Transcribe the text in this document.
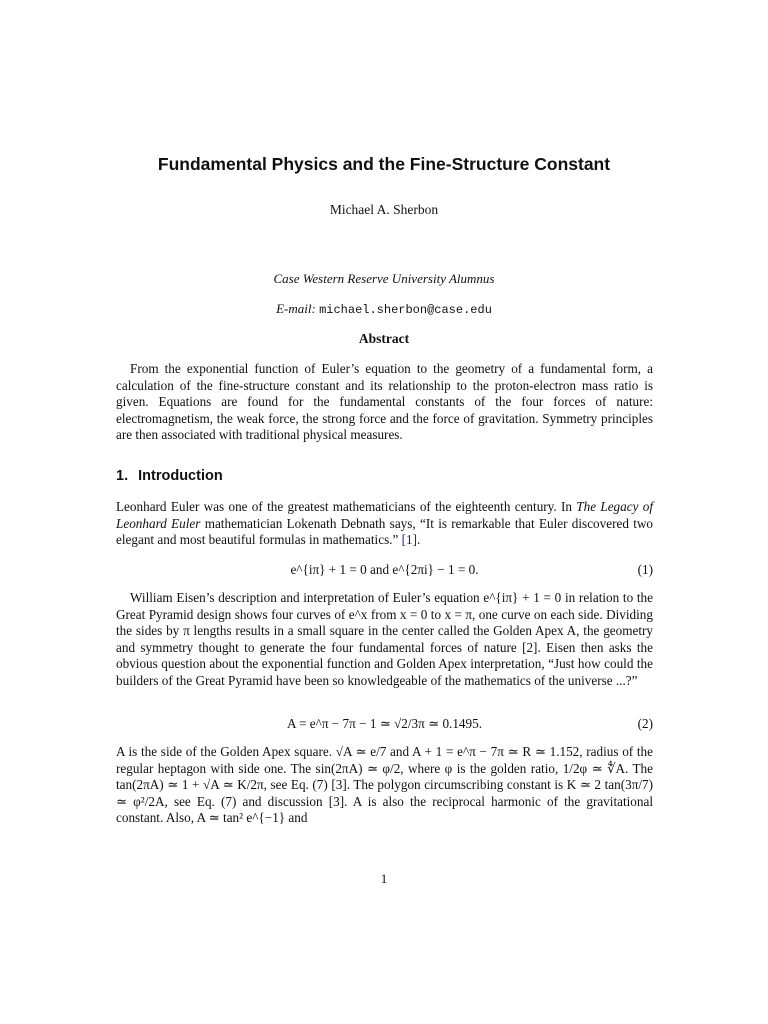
Fundamental Physics and the Fine-Structure Constant
Michael A. Sherbon
Case Western Reserve University Alumnus
E-mail: michael.sherbon@case.edu
Abstract
From the exponential function of Euler’s equation to the geometry of a fundamental form, a calculation of the fine-structure constant and its relationship to the proton-electron mass ratio is given. Equations are found for the fundamental constants of the four forces of nature: electromagnetism, the weak force, the strong force and the force of gravitation. Symmetry principles are then associated with traditional physical measures.
1. Introduction
Leonhard Euler was one of the greatest mathematicians of the eighteenth century. In The Legacy of Leonhard Euler mathematician Lokenath Debnath says, “It is remarkable that Euler discovered two elegant and most beautiful formulas in mathematics.” [1].
e^{iπ} + 1 = 0 and e^{2πi} − 1 = 0.	(1)
William Eisen’s description and interpretation of Euler’s equation e^{iπ} + 1 = 0 in relation to the Great Pyramid design shows four curves of e^x from x = 0 to x = π, one curve on each side. Dividing the sides by π lengths results in a small square in the center called the Golden Apex A, the geometry and symmetry thought to generate the four fundamental forces of nature [2]. Eisen then asks the obvious question about the exponential function and Golden Apex interpretation, “Just how could the builders of the Great Pyramid have been so knowledgeable of the mathematics of the universe ...?”
A = e^π − 7π − 1 ≃ √2/3π ≃ 0.1495.	(2)
A is the side of the Golden Apex square. √A ≃ e/7 and A + 1 = e^π − 7π ≃ R ≃ 1.152, radius of the regular heptagon with side one. The sin(2πA) ≃ φ/2, where φ is the golden ratio, 1/2φ ≃ ∜A. The tan(2πA) ≃ 1 + √A ≃ K/2π, see Eq. (7) [3]. The polygon circumscribing constant is K ≃ 2 tan(3π/7) ≃ φ²/2A, see Eq. (7) and discussion [3]. A is also the reciprocal harmonic of the gravitational constant. Also, A ≃ tan² e^{−1} and
1
